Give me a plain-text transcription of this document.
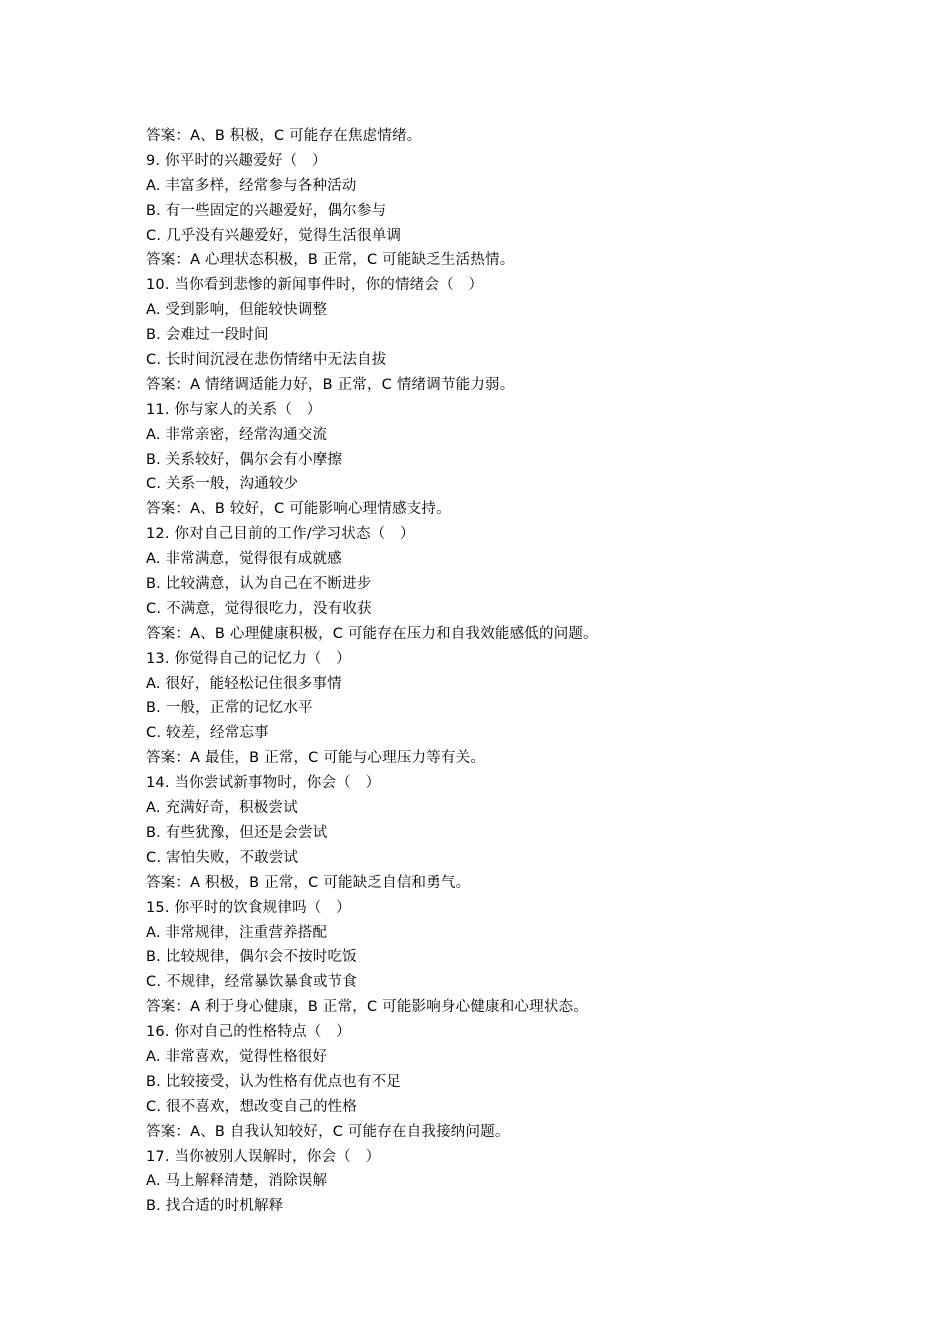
答案：A、B 积极，C 可能存在焦虑情绪。
9. 你平时的兴趣爱好（　）
A. 丰富多样，经常参与各种活动
B. 有一些固定的兴趣爱好，偶尔参与
C. 几乎没有兴趣爱好，觉得生活很单调
答案：A 心理状态积极，B 正常，C 可能缺乏生活热情。
10. 当你看到悲惨的新闻事件时，你的情绪会（　）
A. 受到影响，但能较快调整
B. 会难过一段时间
C. 长时间沉浸在悲伤情绪中无法自拔
答案：A 情绪调适能力好，B 正常，C 情绪调节能力弱。
11. 你与家人的关系（　）
A. 非常亲密，经常沟通交流
B. 关系较好，偶尔会有小摩擦
C. 关系一般，沟通较少
答案：A、B 较好，C 可能影响心理情感支持。
12. 你对自己目前的工作/学习状态（　）
A. 非常满意，觉得很有成就感
B. 比较满意，认为自己在不断进步
C. 不满意，觉得很吃力，没有收获
答案：A、B 心理健康积极，C 可能存在压力和自我效能感低的问题。
13. 你觉得自己的记忆力（　）
A. 很好，能轻松记住很多事情
B. 一般，正常的记忆水平
C. 较差，经常忘事
答案：A 最佳，B 正常，C 可能与心理压力等有关。
14. 当你尝试新事物时，你会（　）
A. 充满好奇，积极尝试
B. 有些犹豫，但还是会尝试
C. 害怕失败，不敢尝试
答案：A 积极，B 正常，C 可能缺乏自信和勇气。
15. 你平时的饮食规律吗（　）
A. 非常规律，注重营养搭配
B. 比较规律，偶尔会不按时吃饭
C. 不规律，经常暴饮暴食或节食
答案：A 利于身心健康，B 正常，C 可能影响身心健康和心理状态。
16. 你对自己的性格特点（　）
A. 非常喜欢，觉得性格很好
B. 比较接受，认为性格有优点也有不足
C. 很不喜欢，想改变自己的性格
答案：A、B 自我认知较好，C 可能存在自我接纳问题。
17. 当你被别人误解时，你会（　）
A. 马上解释清楚，消除误解
B. 找合适的时机解释
